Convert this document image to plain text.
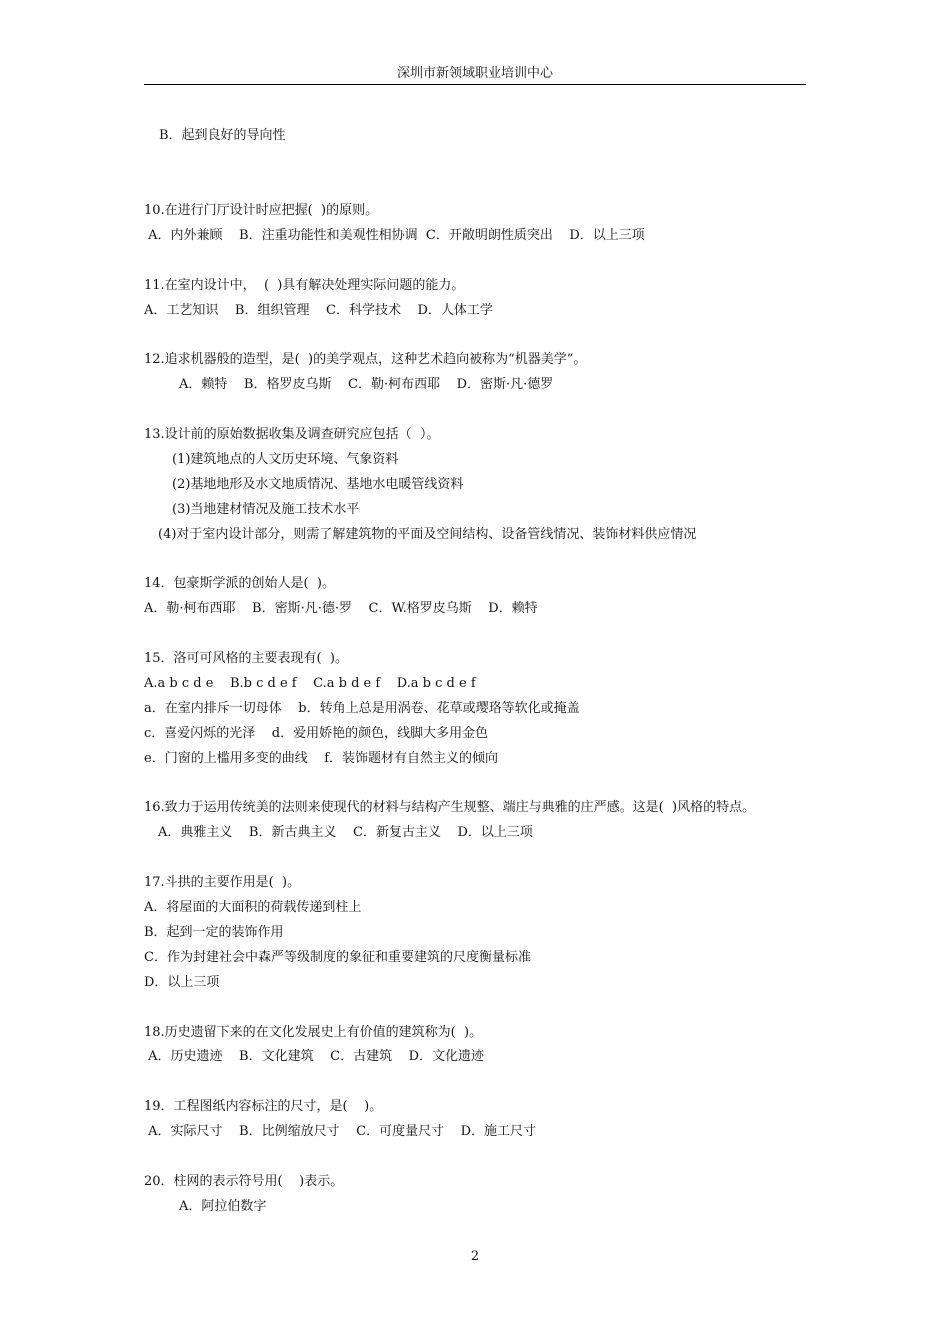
深圳市新领域职业培训中心
B．起到良好的导向性
10.在进行门厅设计时应把握(  )的原则。
A．内外兼顾    B．注重功能性和美观性相协调  C．开敞明朗性质突出    D．以上三项
11.在室内设计中，  (  )具有解决处理实际问题的能力。
A．工艺知识    B．组织管理    C．科学技术    D．人体工学
12.追求机器般的造型，是(  )的美学观点，这种艺术趋向被称为“机器美学”。
A．赖特    B．格罗皮乌斯    C．勒·柯布西耶    D．密斯·凡·德罗
13.设计前的原始数据收集及调查研究应包括（  ）。
(1)建筑地点的人文历史环境、气象资料
(2)基地地形及水文地质情况、基地水电暖管线资料
(3)当地建材情况及施工技术水平
(4)对于室内设计部分，则需了解建筑物的平面及空间结构、设备管线情况、装饰材料供应情况
14．包豪斯学派的创始人是(  )。
A．勒·柯布西耶    B．密斯·凡·德·罗    C．W.格罗皮乌斯    D．赖特
15．洛可可风格的主要表现有(  )。
A.a b c d e    B.b c d e f    C.a b d e f    D.a b c d e f
a．在室内排斥一切母体    b．转角上总是用涡卷、花草或璎珞等软化或掩盖
c．喜爱闪烁的光泽    d．爱用娇艳的颜色，线脚大多用金色
e．门窗的上槛用多变的曲线    f．装饰题材有自然主义的倾向
16.致力于运用传统美的法则来使现代的材料与结构产生规整、端庄与典雅的庄严感。这是(  )风格的特点。
A．典雅主义    B．新古典主义    C．新复古主义    D．以上三项
17.斗拱的主要作用是(  )。
A．将屋面的大面积的荷载传递到柱上
B．起到一定的装饰作用
C．作为封建社会中森严等级制度的象征和重要建筑的尺度衡量标准
D．以上三项
18.历史遗留下来的在文化发展史上有价值的建筑称为(  )。
A．历史遗迹    B．文化建筑    C．古建筑    D．文化遗迹
19．工程图纸内容标注的尺寸，是(    )。
A．实际尺寸    B．比例缩放尺寸    C．可度量尺寸    D．施工尺寸
20．柱网的表示符号用(    )表示。
A．阿拉伯数字
2
